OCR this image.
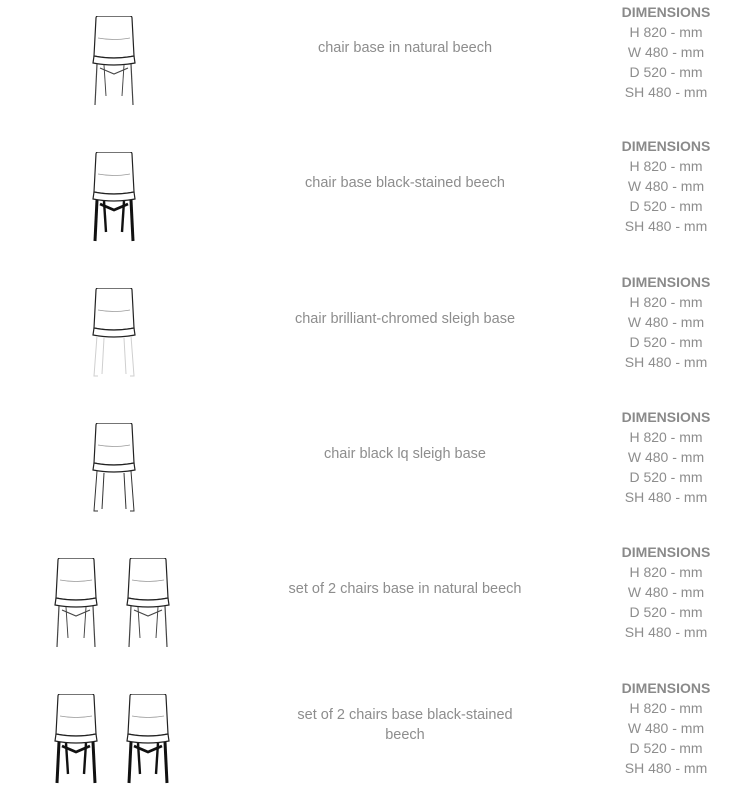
chair base in natural beech
DIMENSIONS
H 820 - mm
W 480 - mm
D 520 - mm
SH 480 - mm
chair base black-stained beech
DIMENSIONS
H 820 - mm
W 480 - mm
D 520 - mm
SH 480 - mm
chair brilliant-chromed sleigh base
DIMENSIONS
H 820 - mm
W 480 - mm
D 520 - mm
SH 480 - mm
chair black lq sleigh base
DIMENSIONS
H 820 - mm
W 480 - mm
D 520 - mm
SH 480 - mm
set of 2 chairs base in natural beech
DIMENSIONS
H 820 - mm
W 480 - mm
D 520 - mm
SH 480 - mm
set of 2 chairs base black-stained beech
DIMENSIONS
H 820 - mm
W 480 - mm
D 520 - mm
SH 480 - mm
